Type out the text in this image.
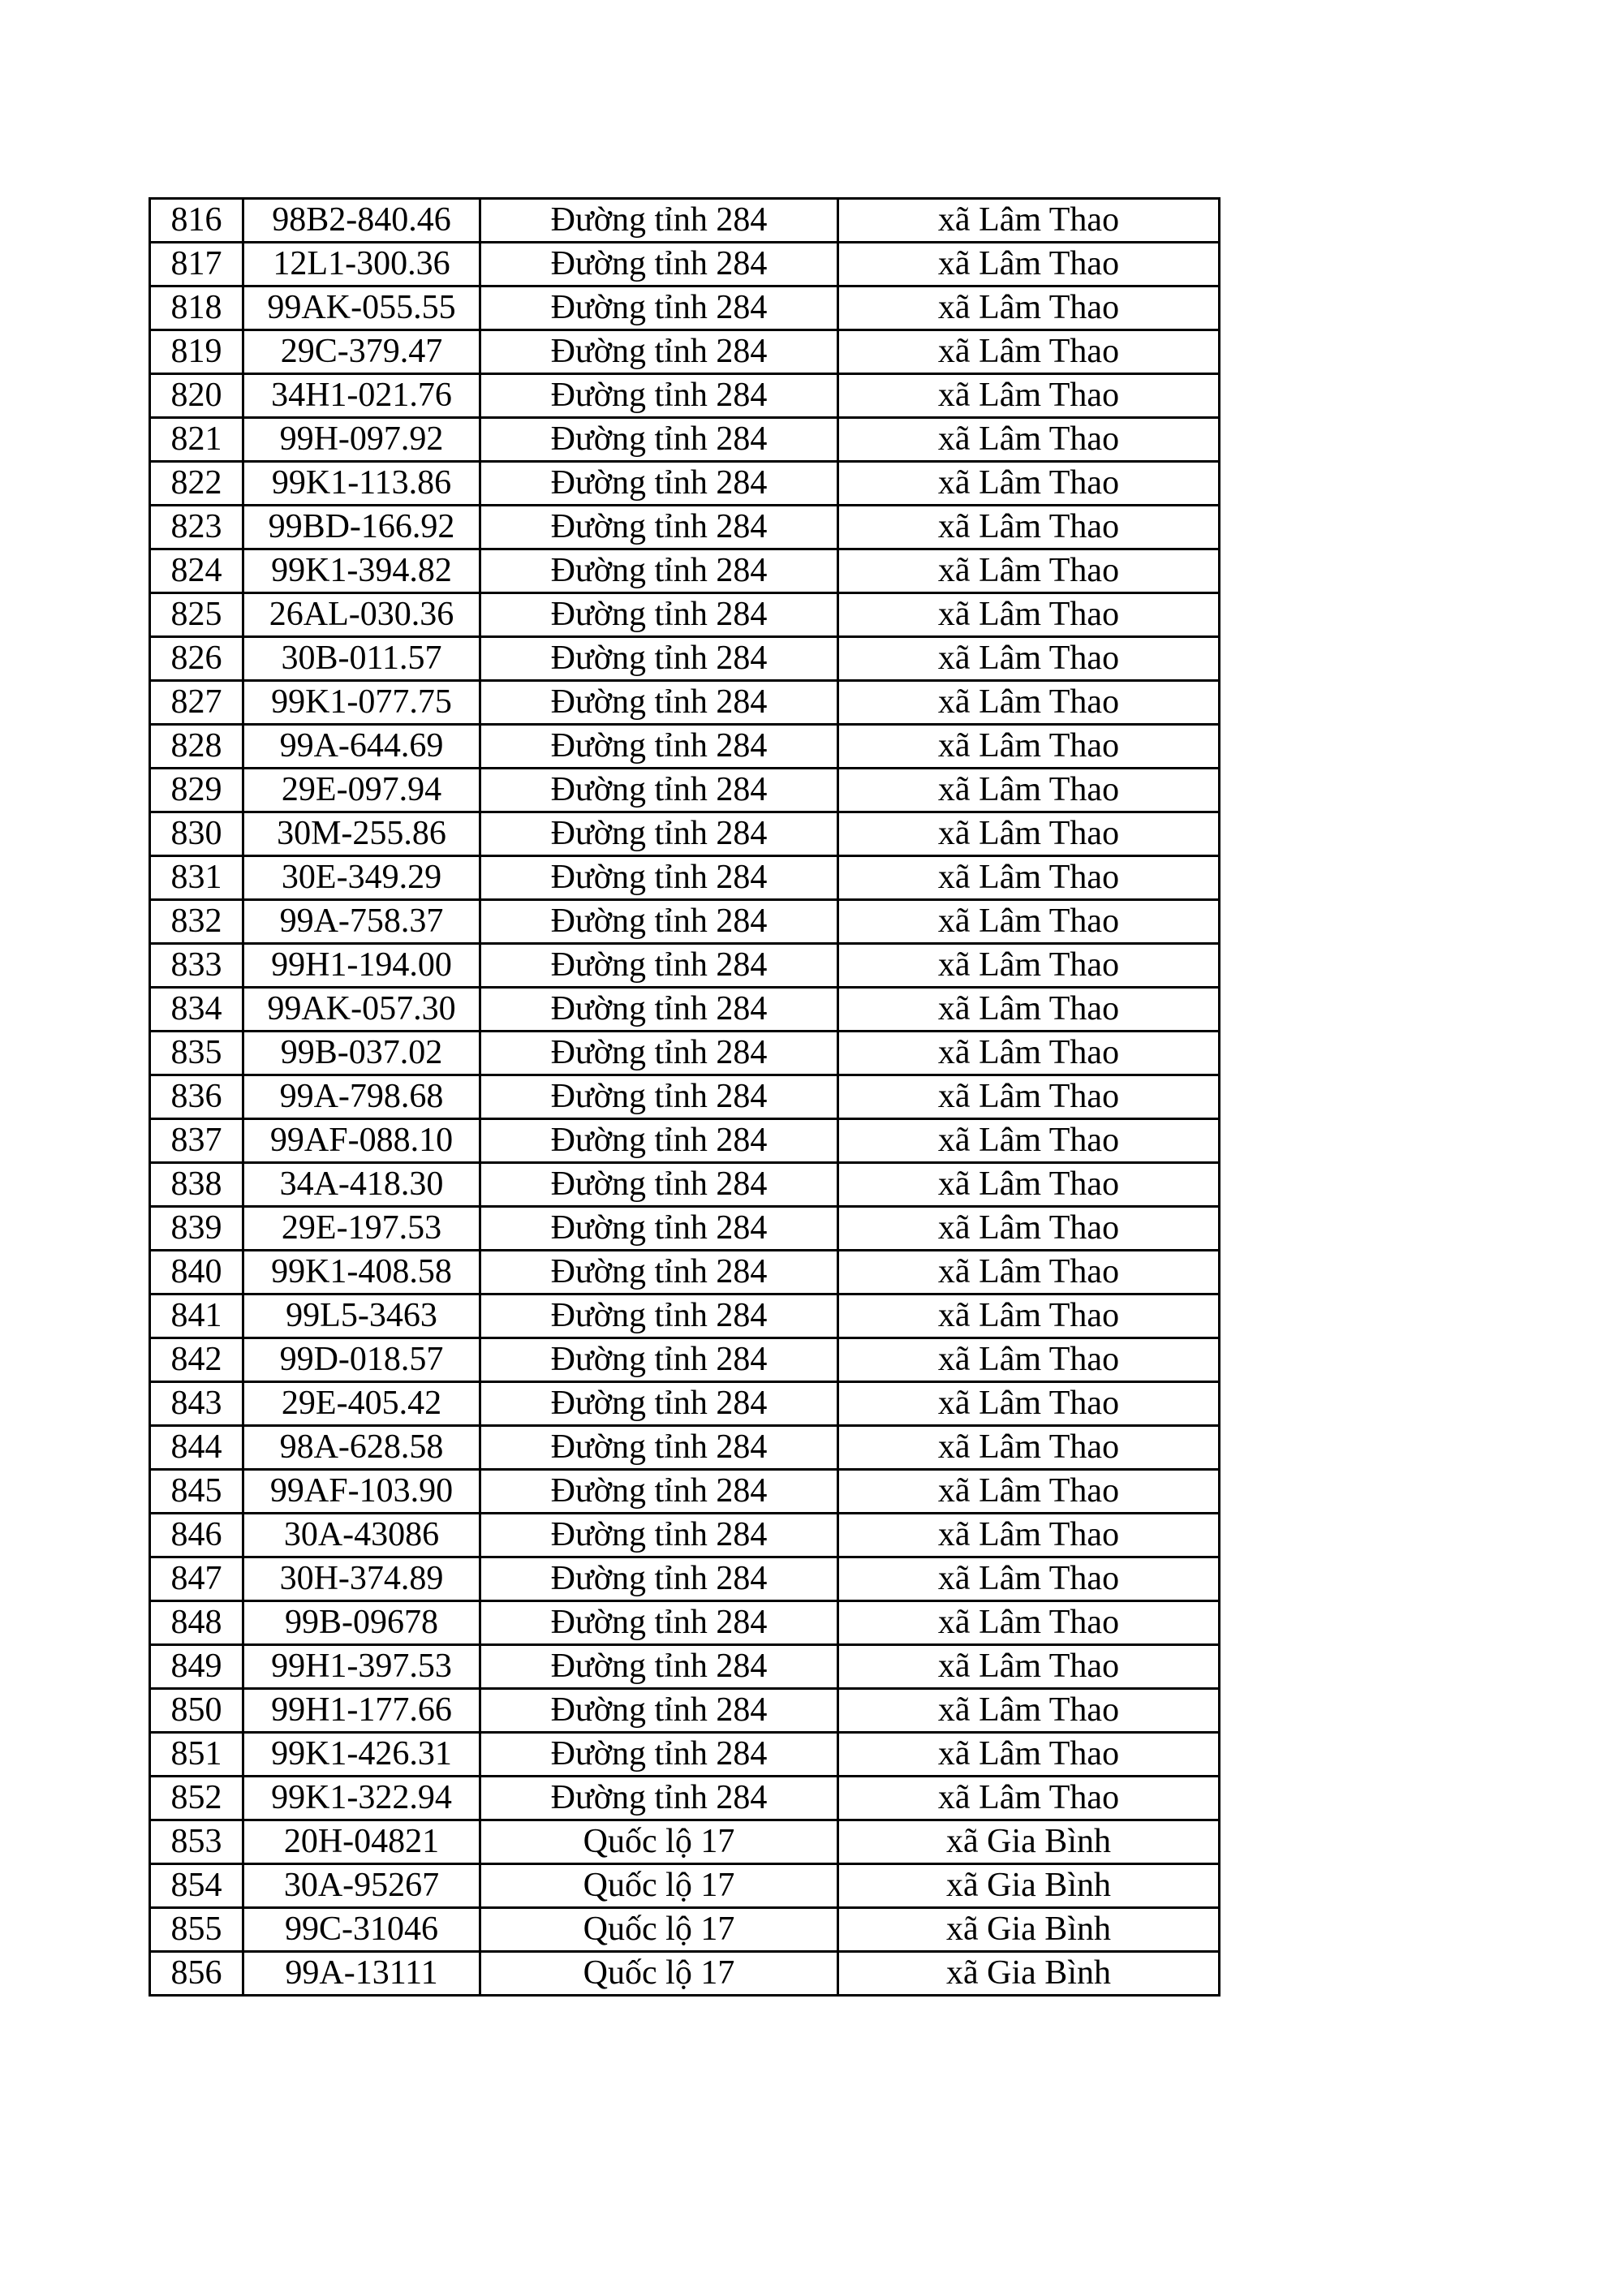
816	98B2-840.46	Đường tỉnh 284	xã Lâm Thao
817	12L1-300.36	Đường tỉnh 284	xã Lâm Thao
818	99AK-055.55	Đường tỉnh 284	xã Lâm Thao
819	29C-379.47	Đường tỉnh 284	xã Lâm Thao
820	34H1-021.76	Đường tỉnh 284	xã Lâm Thao
821	99H-097.92	Đường tỉnh 284	xã Lâm Thao
822	99K1-113.86	Đường tỉnh 284	xã Lâm Thao
823	99BD-166.92	Đường tỉnh 284	xã Lâm Thao
824	99K1-394.82	Đường tỉnh 284	xã Lâm Thao
825	26AL-030.36	Đường tỉnh 284	xã Lâm Thao
826	30B-011.57	Đường tỉnh 284	xã Lâm Thao
827	99K1-077.75	Đường tỉnh 284	xã Lâm Thao
828	99A-644.69	Đường tỉnh 284	xã Lâm Thao
829	29E-097.94	Đường tỉnh 284	xã Lâm Thao
830	30M-255.86	Đường tỉnh 284	xã Lâm Thao
831	30E-349.29	Đường tỉnh 284	xã Lâm Thao
832	99A-758.37	Đường tỉnh 284	xã Lâm Thao
833	99H1-194.00	Đường tỉnh 284	xã Lâm Thao
834	99AK-057.30	Đường tỉnh 284	xã Lâm Thao
835	99B-037.02	Đường tỉnh 284	xã Lâm Thao
836	99A-798.68	Đường tỉnh 284	xã Lâm Thao
837	99AF-088.10	Đường tỉnh 284	xã Lâm Thao
838	34A-418.30	Đường tỉnh 284	xã Lâm Thao
839	29E-197.53	Đường tỉnh 284	xã Lâm Thao
840	99K1-408.58	Đường tỉnh 284	xã Lâm Thao
841	99L5-3463	Đường tỉnh 284	xã Lâm Thao
842	99D-018.57	Đường tỉnh 284	xã Lâm Thao
843	29E-405.42	Đường tỉnh 284	xã Lâm Thao
844	98A-628.58	Đường tỉnh 284	xã Lâm Thao
845	99AF-103.90	Đường tỉnh 284	xã Lâm Thao
846	30A-43086	Đường tỉnh 284	xã Lâm Thao
847	30H-374.89	Đường tỉnh 284	xã Lâm Thao
848	99B-09678	Đường tỉnh 284	xã Lâm Thao
849	99H1-397.53	Đường tỉnh 284	xã Lâm Thao
850	99H1-177.66	Đường tỉnh 284	xã Lâm Thao
851	99K1-426.31	Đường tỉnh 284	xã Lâm Thao
852	99K1-322.94	Đường tỉnh 284	xã Lâm Thao
853	20H-04821	Quốc lộ 17	xã Gia Bình
854	30A-95267	Quốc lộ 17	xã Gia Bình
855	99C-31046	Quốc lộ 17	xã Gia Bình
856	99A-13111	Quốc lộ 17	xã Gia Bình
